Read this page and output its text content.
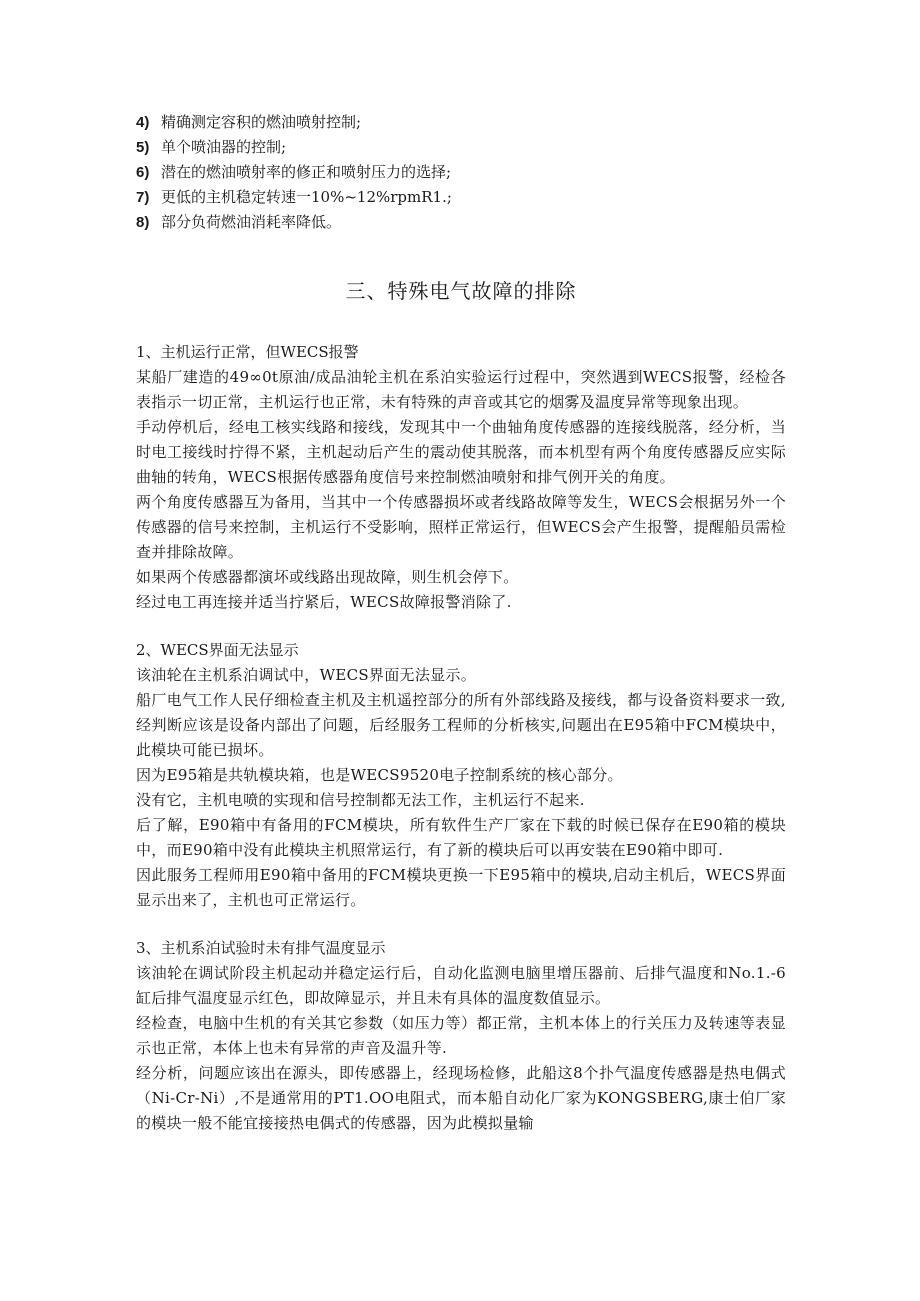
4) 精确测定容积的燃油喷射控制;
5) 单个喷油器的控制;
6) 潜在的燃油喷射率的修正和喷射压力的选择;
7) 更低的主机稳定转速一10%~12%rpmR1.;
8) 部分负荷燃油消耗率降低。
三、特殊电气故障的排除
1、主机运行正常，但WECS报警
某船厂建造的49∞0t原油/成品油轮主机在系泊实验运行过程中，突然遇到WECS报警，经检各表指示一切正常，主机运行也正常，未有特殊的声音或其它的烟雾及温度异常等现象出现。
手动停机后，经电工核实线路和接线，发现其中一个曲轴角度传感器的连接线脱落，经分析，当时电工接线时拧得不紧，主机起动后产生的震动使其脱落，而本机型有两个角度传感器反应实际曲轴的转角，WECS根据传感器角度信号来控制燃油喷射和排气例开关的角度。
两个角度传感器互为备用，当其中一个传感器损坏或者线路故障等发生，WECS会根据另外一个传感器的信号来控制，主机运行不受影响，照样正常运行，但WECS会产生报警，提醒船员需检查并排除故障。
如果两个传感器都演坏或线路出现故障，则生机会停下。
经过电工再连接并适当拧紧后，WECS故障报警消除了.
2、WECS界面无法显示
该油轮在主机系泊调试中，WECS界面无法显示。
船厂电气工作人民仔细检查主机及主机遥控部分的所有外部线路及接线，都与设备资料要求一致,经判断应该是设备内部出了问题，后经服务工程师的分析核实,问题出在E95箱中FCM模块中，此模块可能已损坏。
因为E95箱是共轨模块箱，也是WECS9520电子控制系统的核心部分。
没有它，主机电喷的实现和信号控制都无法工作，主机运行不起来.
后了解，E90箱中有备用的FCM模块，所有软件生产厂家在下载的时候已保存在E90箱的模块中，而E90箱中没有此模块主机照常运行，有了新的模块后可以再安装在E90箱中即可.
因此服务工程师用E90箱中备用的FCM模块更换一下E95箱中的模块,启动主机后，WECS界面显示出来了，主机也可正常运行。
3、主机系泊试验时未有排气温度显示
该油轮在调试阶段主机起动并稳定运行后，自动化监测电脑里增压器前、后排气温度和No.1.-6缸后排气温度显示红色，即故障显示，并且未有具体的温度数值显示。
经检查，电脑中生机的有关其它参数（如压力等）都正常，主机本体上的行关压力及转速等表显示也正常，本体上也未有异常的声音及温升等.
经分析，问题应该出在源头，即传感器上，经现场检修，此船这8个扑气温度传感器是热电偶式（Ni-Cr-Ni）,不是通常用的PT1.OO电阻式，而本船自动化厂家为KONGSBERG,康士伯厂家的模块一般不能宜接接热电偶式的传感器，因为此模拟量输
